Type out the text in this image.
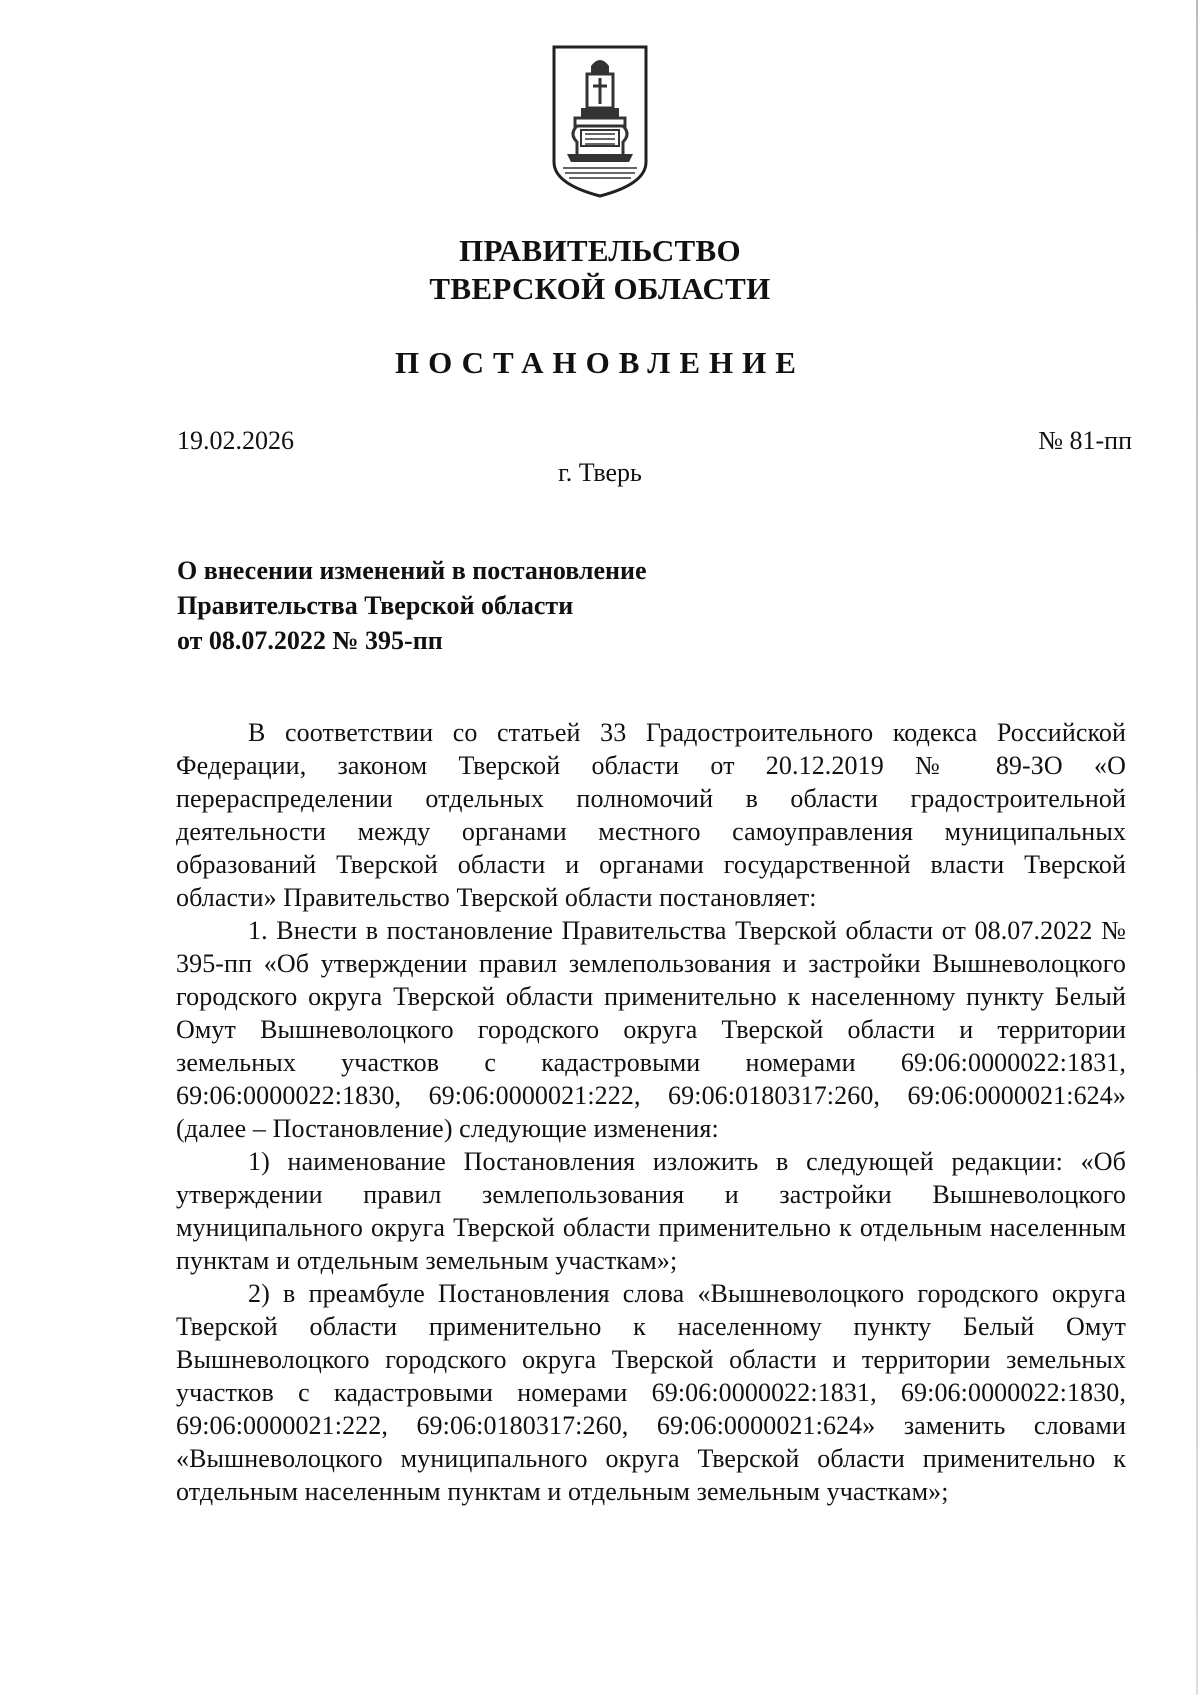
ПРАВИТЕЛЬСТВО
ТВЕРСКОЙ ОБЛАСТИ
ПОСТАНОВЛЕНИЕ
19.02.2026	№ 81-пп
г. Тверь
О внесении изменений в постановление
Правительства Тверской области
от 08.07.2022 № 395-пп

В соответствии со статьей 33 Градостроительного кодекса Российской Федерации, законом Тверской области от 20.12.2019 № 89-ЗО «О перераспределении отдельных полномочий в области градостроительной деятельности между органами местного самоуправления муниципальных образований Тверской области и органами государственной власти Тверской области» Правительство Тверской области постановляет:

1. Внести в постановление Правительства Тверской области от 08.07.2022 № 395-пп «Об утверждении правил землепользования и застройки Вышневолоцкого городского округа Тверской области применительно к населенному пункту Белый Омут Вышневолоцкого городского округа Тверской области и территории земельных участков с кадастровыми номерами 69:06:0000022:1831, 69:06:0000022:1830, 69:06:0000021:222, 69:06:0180317:260, 69:06:0000021:624» (далее – Постановление) следующие изменения:

1) наименование Постановления изложить в следующей редакции: «Об утверждении правил землепользования и застройки Вышневолоцкого муниципального округа Тверской области применительно к отдельным населенным пунктам и отдельным земельным участкам»;

2) в преамбуле Постановления слова «Вышневолоцкого городского округа Тверской области применительно к населенному пункту Белый Омут Вышневолоцкого городского округа Тверской области и территории земельных участков с кадастровыми номерами 69:06:0000022:1831, 69:06:0000022:1830, 69:06:0000021:222, 69:06:0180317:260, 69:06:0000021:624» заменить словами «Вышневолоцкого муниципального округа Тверской области применительно к отдельным населенным пунктам и отдельным земельным участкам»;
